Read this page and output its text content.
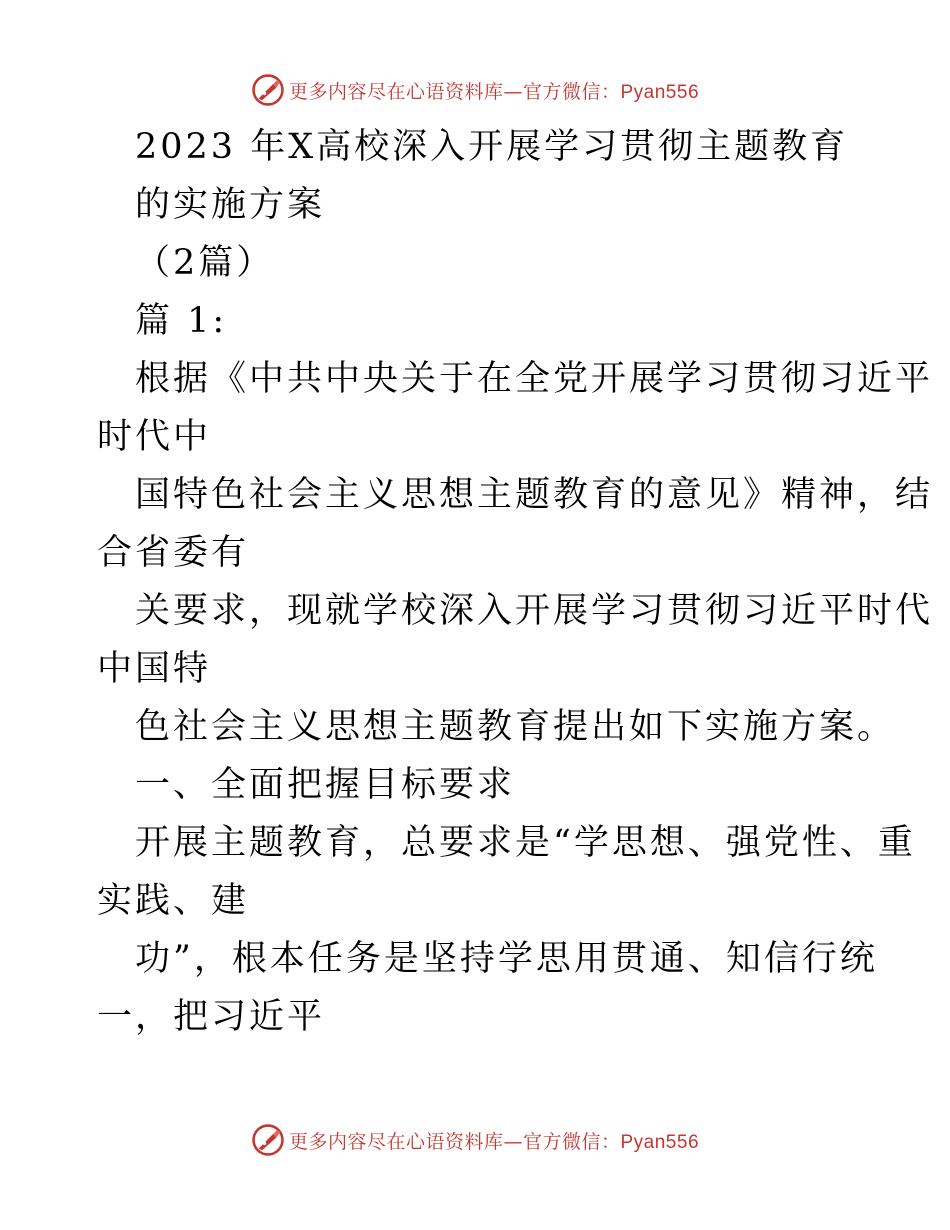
更多内容尽在心语资料库—官方微信：Pyan556
2023 年X高校深入开展学习贯彻主题教育
的实施方案
（2篇）
篇 1:
根据《中共中央关于在全党开展学习贯彻习近平
时代中
国特色社会主义思想主题教育的意见》精神，结
合省委有
关要求，现就学校深入开展学习贯彻习近平时代
中国特
色社会主义思想主题教育提出如下实施方案。
一、全面把握目标要求
开展主题教育，总要求是“学思想、强党性、重
实践、建
功”，根本任务是坚持学思用贯通、知信行统
一，把习近平
更多内容尽在心语资料库—官方微信：Pyan556
